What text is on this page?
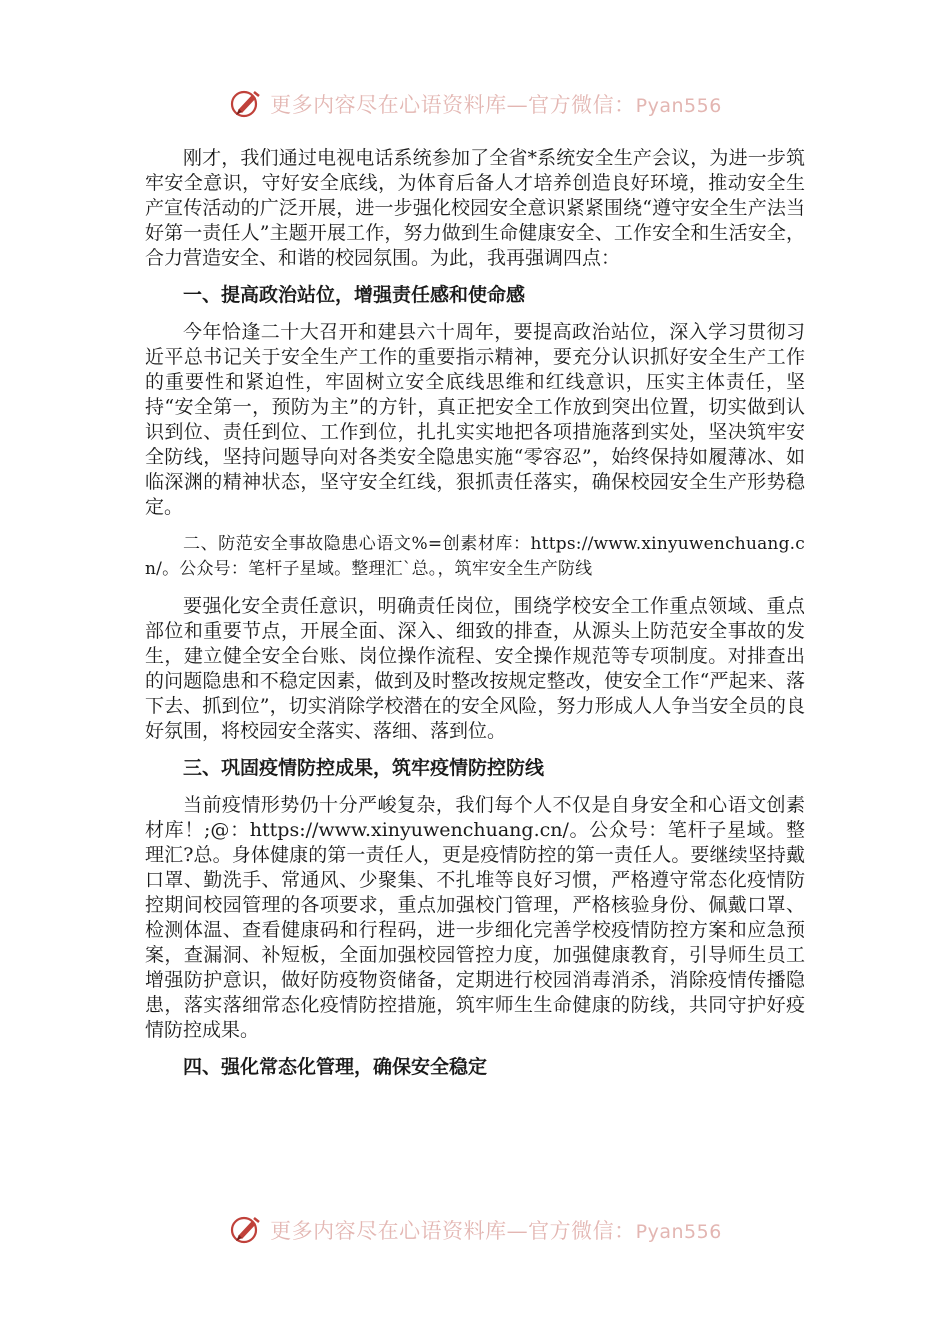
更多内容尽在心语资料库—官方微信：Pyan556

刚才，我们通过电视电话系统参加了全省*系统安全生产会议，为进一步筑牢安全意识，守好安全底线，为体育后备人才培养创造良好环境，推动安全生产宣传活动的广泛开展，进一步强化校园安全意识紧紧围绕“遵守安全生产法当好第一责任人”主题开展工作，努力做到生命健康安全、工作安全和生活安全，合力营造安全、和谐的校园氛围。为此，我再强调四点：

一、提高政治站位，增强责任感和使命感

今年恰逢二十大召开和建县六十周年，要提高政治站位，深入学习贯彻习近平总书记关于安全生产工作的重要指示精神，要充分认识抓好安全生产工作的重要性和紧迫性，牢固树立安全底线思维和红线意识，压实主体责任，坚持“安全第一，预防为主”的方针，真正把安全工作放到突出位置，切实做到认识到位、责任到位、工作到位，扎扎实实地把各项措施落到实处，坚决筑牢安全防线，坚持问题导向对各类安全隐患实施“零容忍”，始终保持如履薄冰、如临深渊的精神状态，坚守安全红线，狠抓责任落实，确保校园安全生产形势稳定。

二、防范安全事故隐患心语文%=创素材库：https://www.xinyuwenchuang.cn/。公众号：笔杆子星域。整理汇`总。，筑牢安全生产防线

要强化安全责任意识，明确责任岗位，围绕学校安全工作重点领域、重点部位和重要节点，开展全面、深入、细致的排查，从源头上防范安全事故的发生，建立健全安全台账、岗位操作流程、安全操作规范等专项制度。对排查出的问题隐患和不稳定因素，做到及时整改按规定整改，使安全工作“严起来、落下去、抓到位”，切实消除学校潜在的安全风险，努力形成人人争当安全员的良好氛围，将校园安全落实、落细、落到位。

三、巩固疫情防控成果，筑牢疫情防控防线

当前疫情形势仍十分严峻复杂，我们每个人不仅是自身安全和心语文创素材库！;@：https://www.xinyuwenchuang.cn/。公众号：笔杆子星域。整理汇?总。身体健康的第一责任人，更是疫情防控的第一责任人。要继续坚持戴口罩、勤洗手、常通风、少聚集、不扎堆等良好习惯，严格遵守常态化疫情防控期间校园管理的各项要求，重点加强校门管理，严格核验身份、佩戴口罩、检测体温、查看健康码和行程码，进一步细化完善学校疫情防控方案和应急预案，查漏洞、补短板，全面加强校园管控力度，加强健康教育，引导师生员工增强防护意识，做好防疫物资储备，定期进行校园消毒消杀，消除疫情传播隐患，落实落细常态化疫情防控措施，筑牢师生生命健康的防线，共同守护好疫情防控成果。

四、强化常态化管理，确保安全稳定

更多内容尽在心语资料库—官方微信：Pyan556
